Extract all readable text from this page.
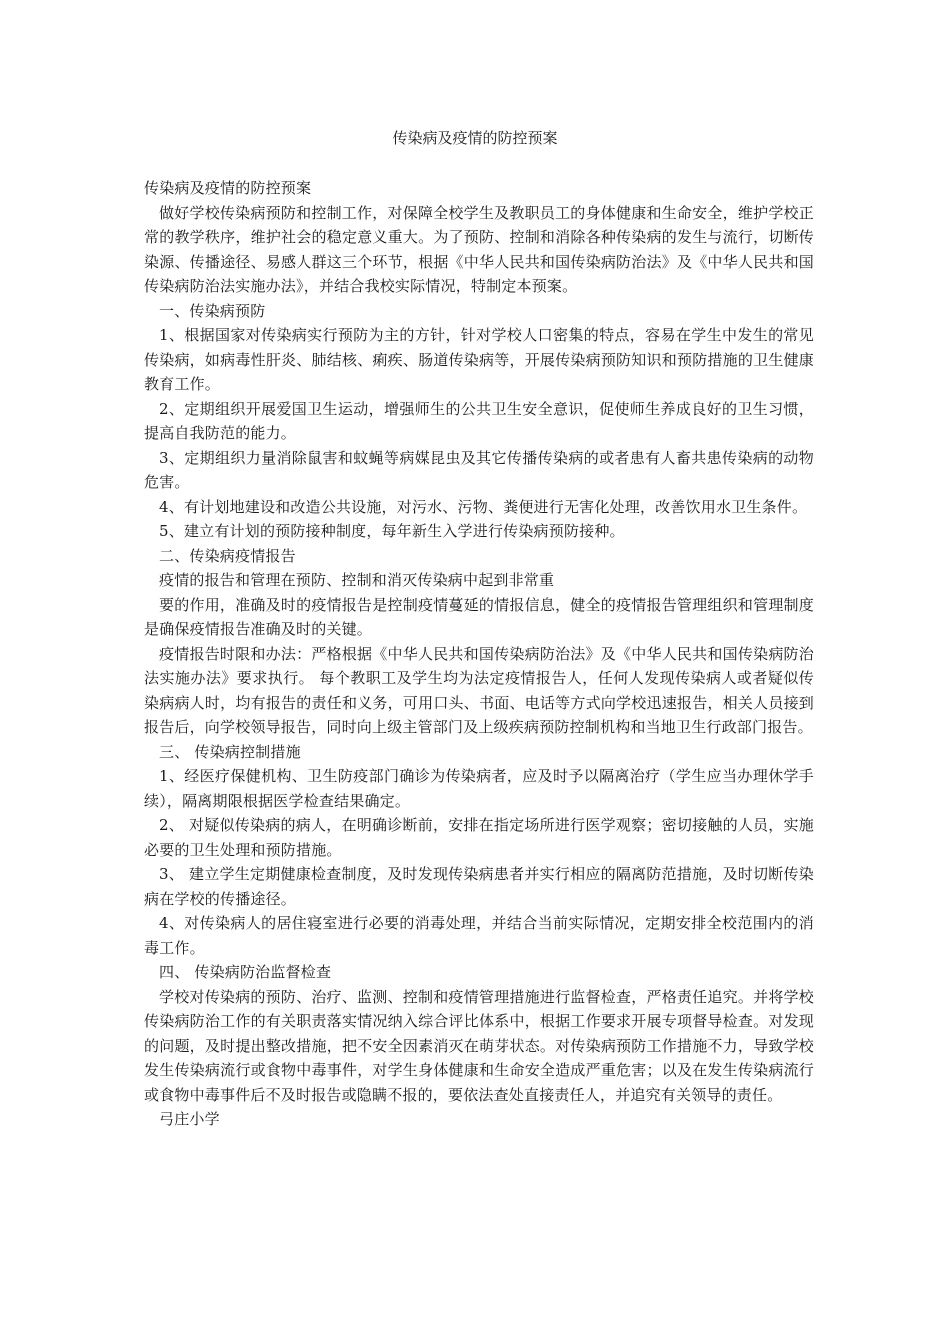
传染病及疫情的防控预案

传染病及疫情的防控预案

做好学校传染病预防和控制工作，对保障全校学生及教职员工的身体健康和生命安全，维护学校正常的教学秩序，维护社会的稳定意义重大。为了预防、控制和消除各种传染病的发生与流行，切断传染源、传播途径、易感人群这三个环节，根据《中华人民共和国传染病防治法》及《中华人民共和国传染病防治法实施办法》，并结合我校实际情况，特制定本预案。

一、传染病预防

1、根据国家对传染病实行预防为主的方针，针对学校人口密集的特点，容易在学生中发生的常见传染病，如病毒性肝炎、肺结核、痢疾、肠道传染病等，开展传染病预防知识和预防措施的卫生健康教育工作。

2、定期组织开展爱国卫生运动，增强师生的公共卫生安全意识，促使师生养成良好的卫生习惯，提高自我防范的能力。

3、定期组织力量消除鼠害和蚊蝇等病媒昆虫及其它传播传染病的或者患有人畜共患传染病的动物危害。

4、有计划地建设和改造公共设施，对污水、污物、粪便进行无害化处理，改善饮用水卫生条件。

5、建立有计划的预防接种制度，每年新生入学进行传染病预防接种。

二、传染病疫情报告

疫情的报告和管理在预防、控制和消灭传染病中起到非常重

要的作用，准确及时的疫情报告是控制疫情蔓延的情报信息，健全的疫情报告管理组织和管理制度是确保疫情报告准确及时的关键。

疫情报告时限和办法：严格根据《中华人民共和国传染病防治法》及《中华人民共和国传染病防治法实施办法》要求执行。 每个教职工及学生均为法定疫情报告人，任何人发现传染病人或者疑似传染病病人时，均有报告的责任和义务，可用口头、书面、电话等方式向学校迅速报告，相关人员接到报告后，向学校领导报告，同时向上级主管部门及上级疾病预防控制机构和当地卫生行政部门报告。

三、 传染病控制措施

1、经医疗保健机构、卫生防疫部门确诊为传染病者，应及时予以隔离治疗（学生应当办理休学手续），隔离期限根据医学检查结果确定。

2、 对疑似传染病的病人，在明确诊断前，安排在指定场所进行医学观察；密切接触的人员，实施必要的卫生处理和预防措施。

3、 建立学生定期健康检查制度，及时发现传染病患者并实行相应的隔离防范措施，及时切断传染病在学校的传播途径。

4、对传染病人的居住寝室进行必要的消毒处理，并结合当前实际情况，定期安排全校范围内的消毒工作。

四、 传染病防治监督检查

学校对传染病的预防、治疗、监测、控制和疫情管理措施进行监督检查，严格责任追究。并将学校传染病防治工作的有关职责落实情况纳入综合评比体系中，根据工作要求开展专项督导检查。对发现的问题，及时提出整改措施，把不安全因素消灭在萌芽状态。对传染病预防工作措施不力，导致学校发生传染病流行或食物中毒事件，对学生身体健康和生命安全造成严重危害；以及在发生传染病流行或食物中毒事件后不及时报告或隐瞒不报的，要依法查处直接责任人，并追究有关领导的责任。

弓庄小学
